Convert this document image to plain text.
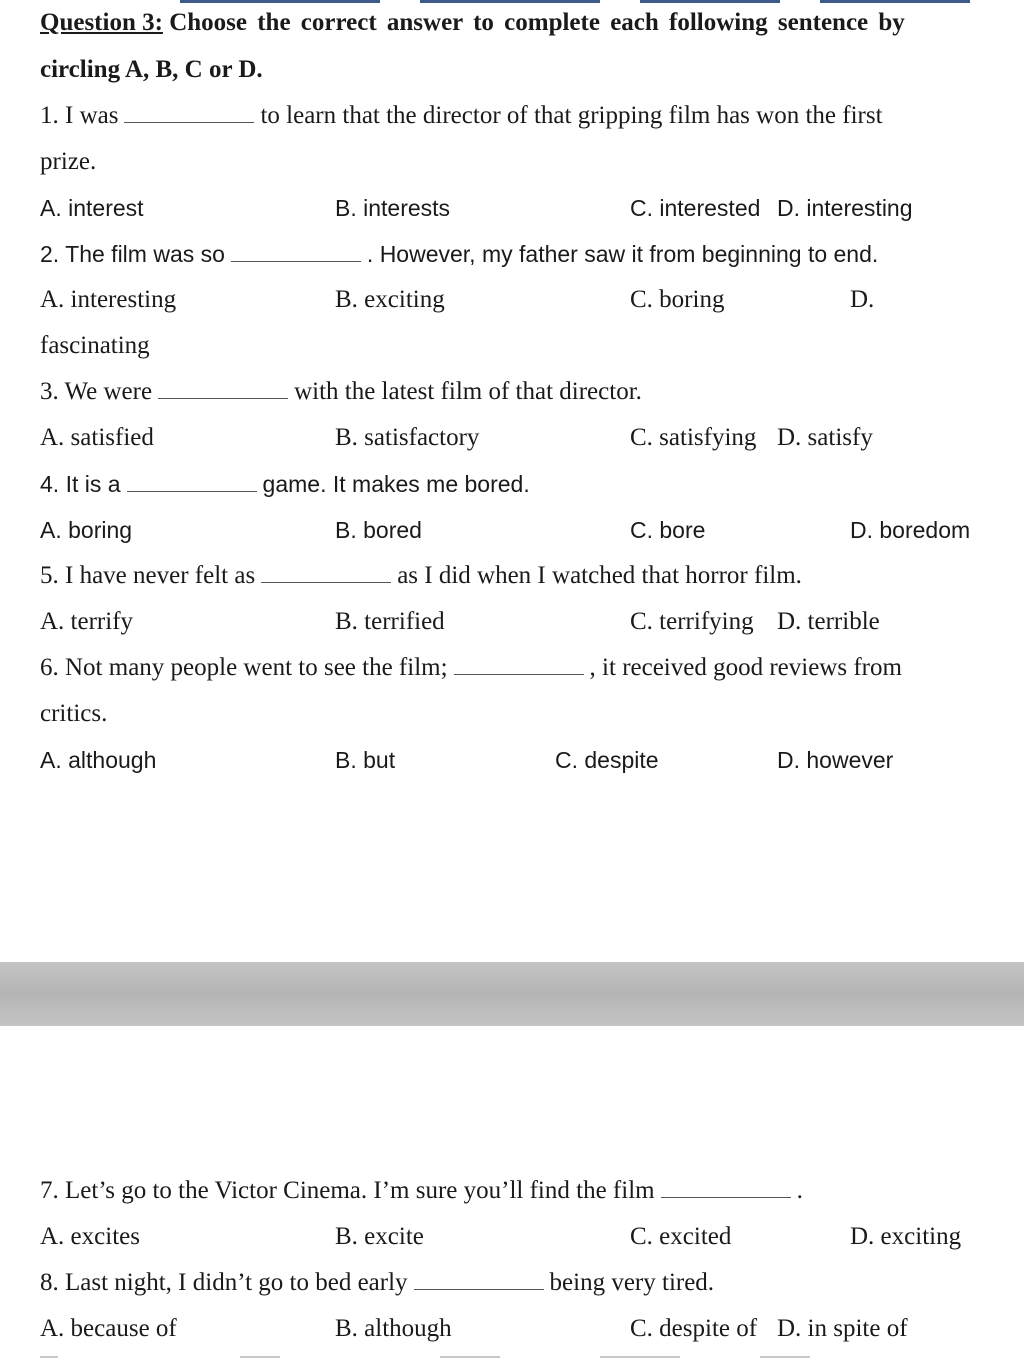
Question 3: Choose the correct answer to complete each following sentence by
circling A, B, C or D.
1. I was	to learn that the director of that gripping film has won the first
prize.
A. interest	B. interests	C. interested D. interesting
2. The film was so	. However, my father saw it from beginning to end.
A. interesting	B. exciting	C. boring	D.
fascinating
3. We were	with the latest film of that director.
A. satisfied	B. satisfactory	C. satisfying D. satisfy
4. It is a	game. It makes me bored.
A. boring	B. bored	C. bore	D. boredom
5. I have never felt as	as I did when I watched that horror film.
A. terrify	B. terrified	C. terrifying D. terrible
6. Not many people went to see the film;	, it received good reviews from
critics.
A. although	B. but	C. despite	D. however
7. Let’s go to the Victor Cinema. I’m sure you’ll find the film	.
A. excites	B. excite	C. excited	D. exciting
8. Last night, I didn’t go to bed early	being very tired.
A. because of	B. although	C. despite of D. in spite of
